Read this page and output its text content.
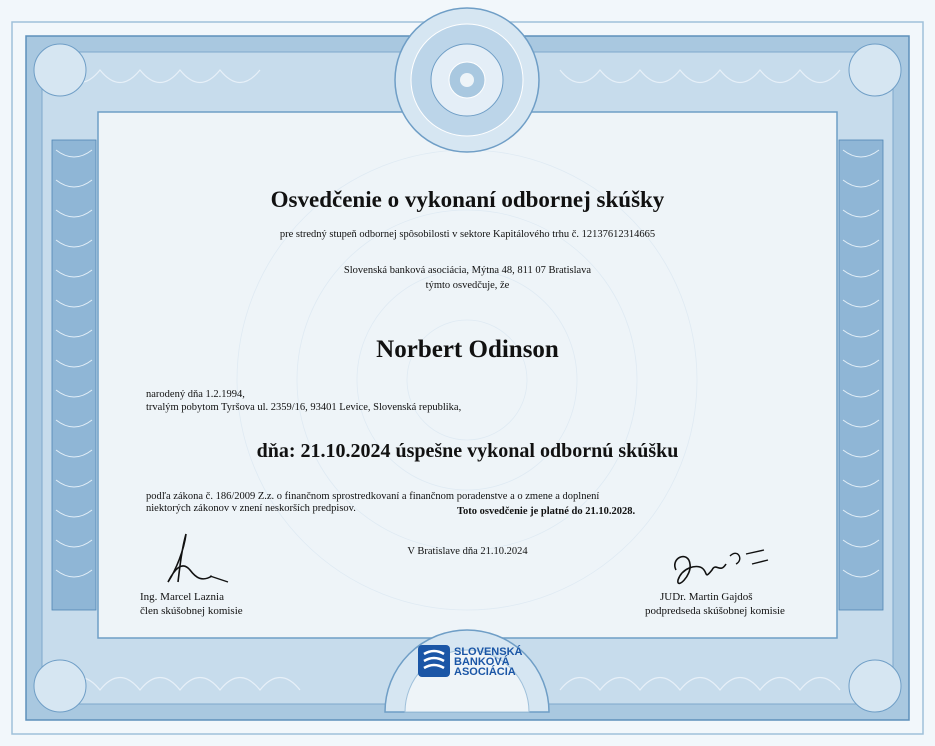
Osvedčenie o vykonaní odbornej skúšky
pre stredný stupeň odbornej spôsobilosti v sektore Kapitálového trhu č. 12137612314665
Slovenská banková asociácia, Mýtna 48, 811 07 Bratislava
týmto osvedčuje, že
Norbert Odinson
narodený dňa 1.2.1994,
trvalým pobytom Tyršova ul. 2359/16, 93401 Levice, Slovenská republika,
dňa: 21.10.2024 úspešne vykonal odbornú skúšku
podľa zákona č. 186/2009 Z.z. o finančnom sprostredkovaní a finančnom poradenstve a o zmene a doplnení
niektorých zákonov v znení neskorších predpisov.	Toto osvedčenie je platné do 21.10.2028.
V Bratislave dňa 21.10.2024
Ing. Marcel Laznia
člen skúšobnej komisie
JUDr. Martin Gajdoš
podpredseda skúšobnej komisie
SLOVENSKÁ
BANKOVÁ
ASOCIÁCIA
